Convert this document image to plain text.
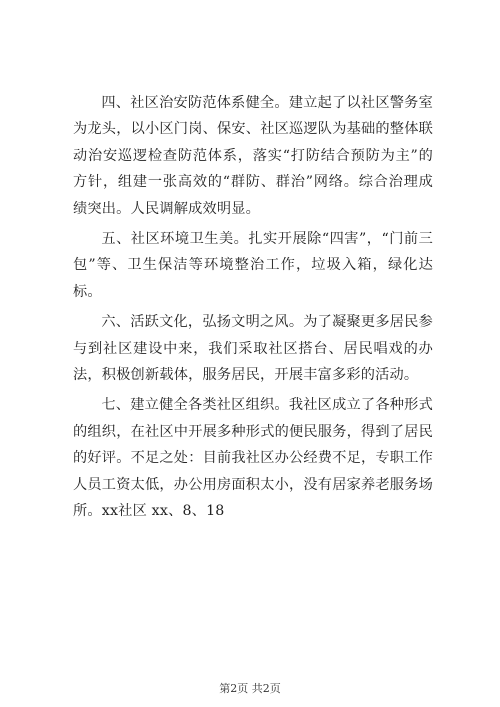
四、社区治安防范体系健全。建立起了以社区警务室为龙头，以小区门岗、保安、社区巡逻队为基础的整体联动治安巡逻检查防范体系，落实“打防结合预防为主”的方针，组建一张高效的“群防、群治”网络。综合治理成绩突出。人民调解成效明显。

五、社区环境卫生美。扎实开展除“四害”，“门前三包”等、卫生保洁等环境整治工作，垃圾入箱，绿化达标。

六、活跃文化，弘扬文明之风。为了凝聚更多居民参与到社区建设中来，我们采取社区搭台、居民唱戏的办法，积极创新载体，服务居民，开展丰富多彩的活动。

七、建立健全各类社区组织。我社区成立了各种形式的组织，在社区中开展多种形式的便民服务，得到了居民的好评。不足之处：目前我社区办公经费不足，专职工作人员工资太低，办公用房面积太小，没有居家养老服务场所。xx社区 xx、8、18

第2页 共2页
